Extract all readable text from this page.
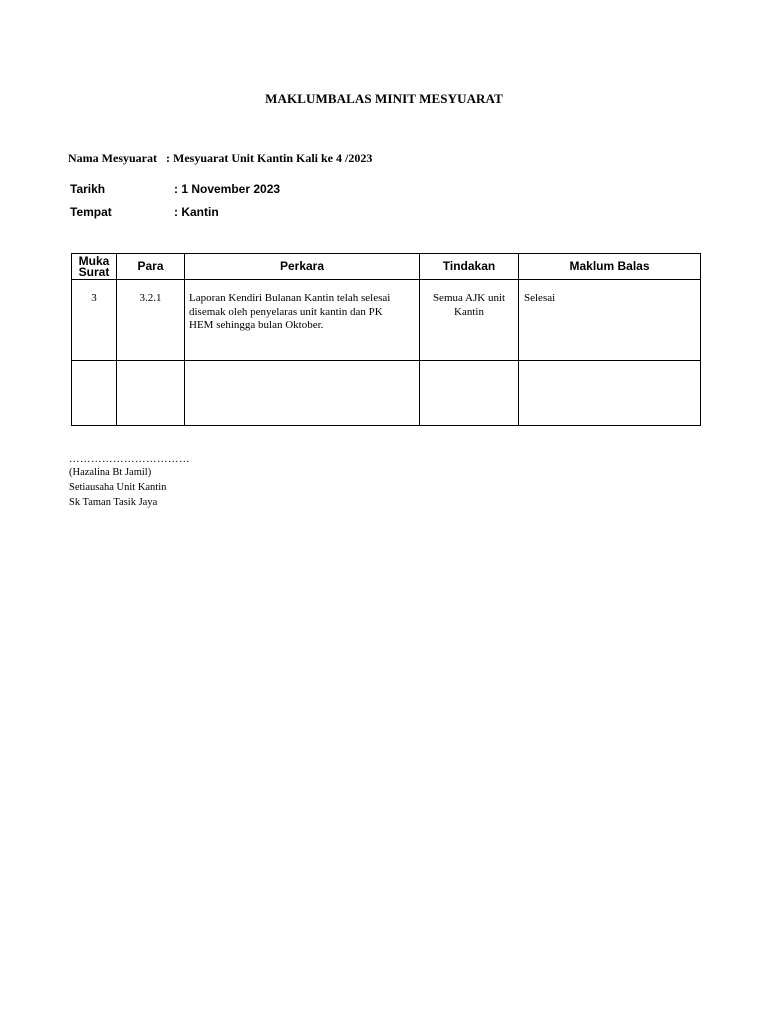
MAKLUMBALAS MINIT MESYUARAT
Nama Mesyuarat : Mesyuarat Unit Kantin Kali ke 4 /2023
Tarikh	: 1 November 2023
Tempat	: Kantin
Muka
Surat	Para	Perkara	Tindakan	Maklum Balas

3	3.2.1	Laporan Kendiri Bulanan Kantin telah selesai disemak oleh penyelaras unit kantin dan PK HEM sehingga bulan Oktober.	Semua AJK unit Kantin	Selesai

……………………………
(Hazalina Bt Jamil)
Setiausaha Unit Kantin
Sk Taman Tasik Jaya
